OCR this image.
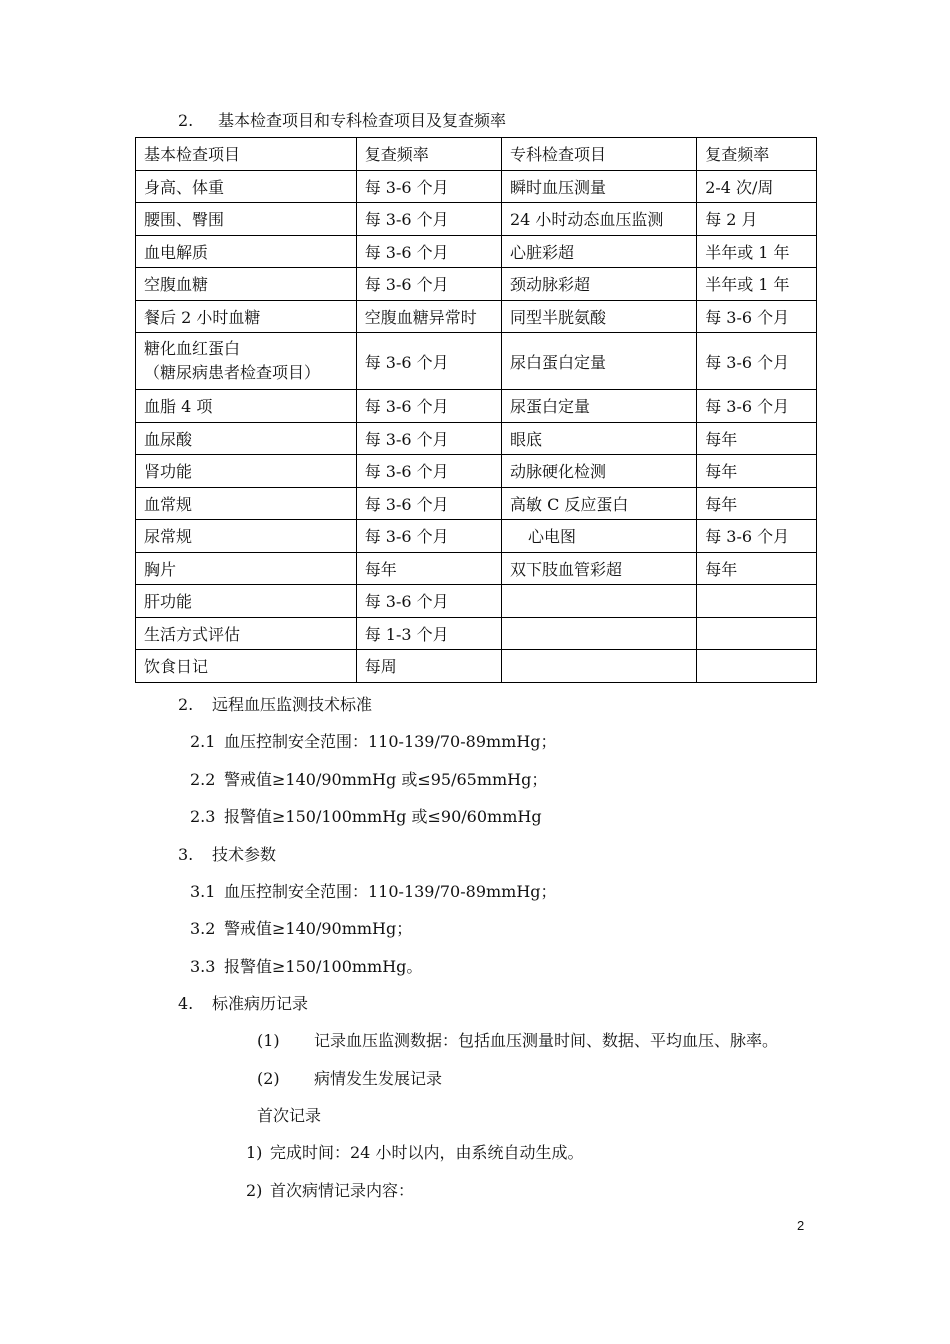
2. 基本检查项目和专科检查项目及复查频率
基本检查项目	复查频率	专科检查项目	复查频率
身高、体重	每 3-6 个月	瞬时血压测量	2-4 次/周
腰围、臀围	每 3-6 个月	24 小时动态血压监测	每 2 月
血电解质	每 3-6 个月	心脏彩超	半年或 1 年
空腹血糖	每 3-6 个月	颈动脉彩超	半年或 1 年
餐后 2 小时血糖	空腹血糖异常时	同型半胱氨酸	每 3-6 个月

糖化血红蛋白
（糖尿病患者检查项目）	每 3-6 个月	尿白蛋白定量	每 3-6 个月
血脂 4 项	每 3-6 个月	尿蛋白定量	每 3-6 个月
血尿酸	每 3-6 个月	眼底	每年
肾功能	每 3-6 个月	动脉硬化检测	每年
血常规	每 3-6 个月	高敏 C 反应蛋白	每年
尿常规	每 3-6 个月	心电图	每 3-6 个月
胸片	每年	双下肢血管彩超	每年
肝功能	每 3-6 个月		
生活方式评估	每 1-3 个月		
饮食日记	每周		
2. 远程血压监测技术标准
2.1 血压控制安全范围：110-139/70-89mmHg；
2.2 警戒值≥140/90mmHg 或≤95/65mmHg；
2.3 报警值≥150/100mmHg 或≤90/60mmHg
3. 技术参数
3.1 血压控制安全范围：110-139/70-89mmHg；
3.2 警戒值≥140/90mmHg；
3.3 报警值≥150/100mmHg。
4. 标准病历记录
(1) 记录血压监测数据：包括血压测量时间、数据、平均血压、脉率。
(2) 病情发生发展记录
首次记录
1) 完成时间：24 小时以内，由系统自动生成。
2) 首次病情记录内容：
2
